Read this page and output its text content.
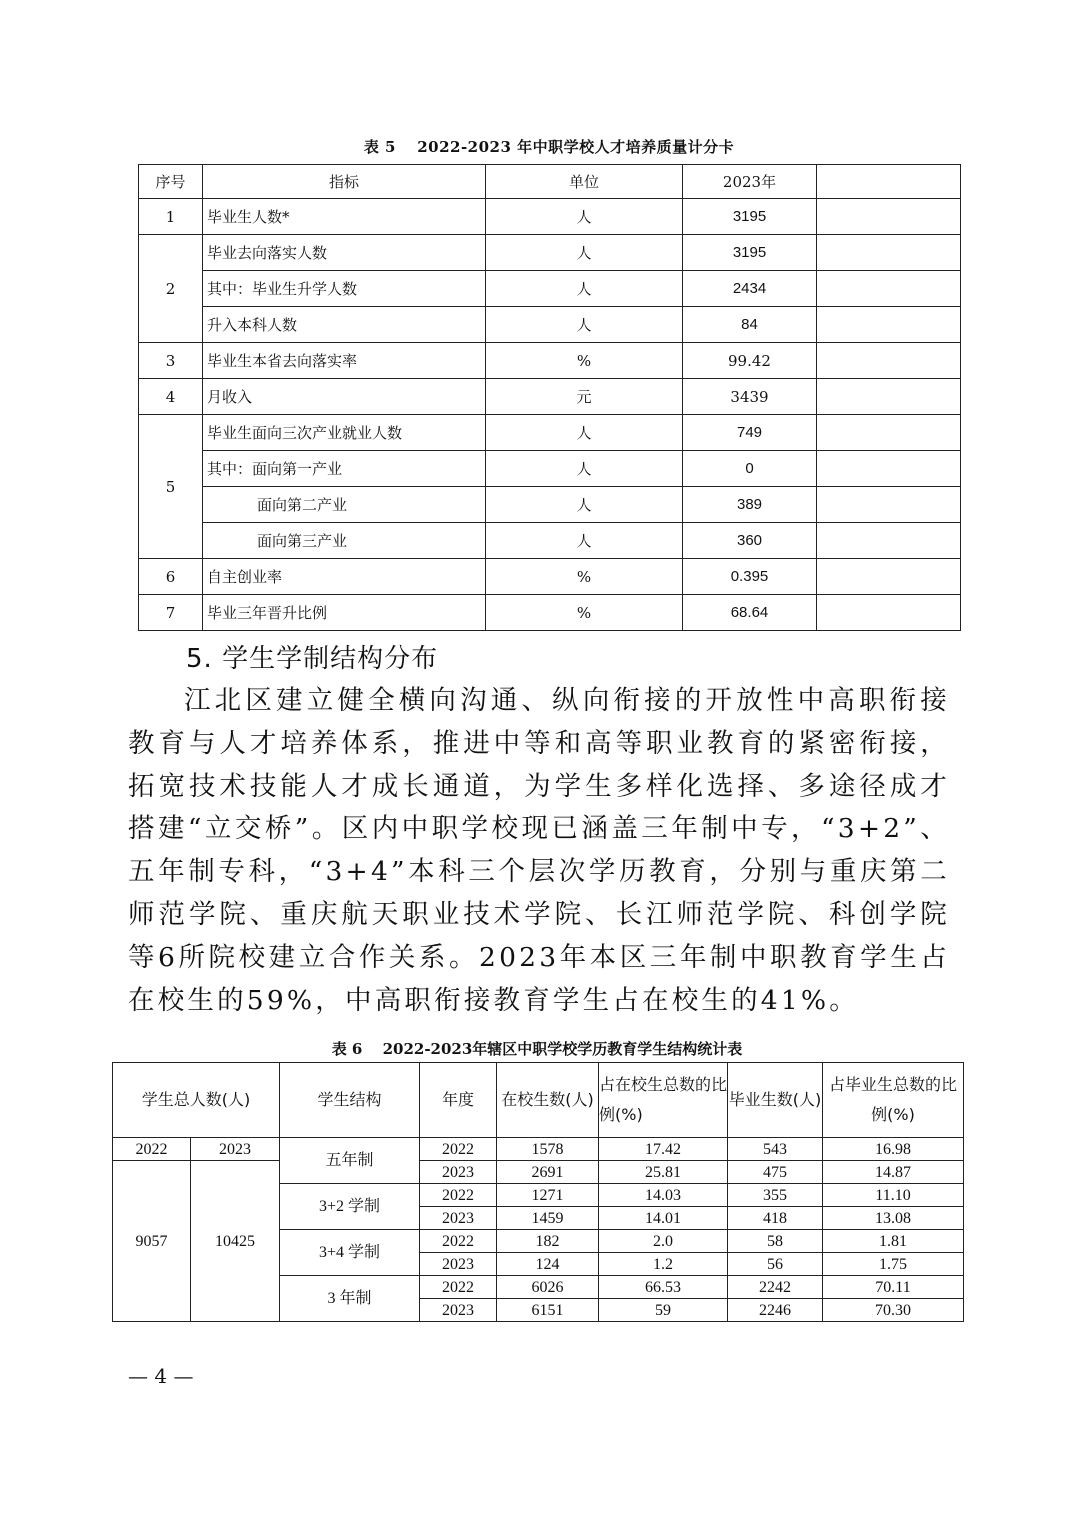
表 5　 2022-2023 年中职学校人才培养质量计分卡
序号	指标	单位	2023年	
1	毕业生人数*	人	3195	
2	毕业去向落实人数	人	3195	
	其中：毕业生升学人数	人	2434	
	升入本科人数	人	84	
3	毕业生本省去向落实率	%	99.42	
4	月收入	元	3439	
5	毕业生面向三次产业就业人数	人	749	
	其中：面向第一产业	人	0	
	面向第二产业	人	389	
	面向第三产业	人	360	
6	自主创业率	%	0.395	
7	毕业三年晋升比例	%	68.64	
5. 学生学制结构分布
江北区建立健全横向沟通、纵向衔接的开放性中高职衔接教育与人才培养体系，推进中等和高等职业教育的紧密衔接，拓宽技术技能人才成长通道，为学生多样化选择、多途径成才搭建“立交桥”。区内中职学校现已涵盖三年制中专，“3+2”、五年制专科，“3+4”本科三个层次学历教育，分别与重庆第二师范学院、重庆航天职业技术学院、长江师范学院、科创学院等6所院校建立合作关系。2023年本区三年制中职教育学生占在校生的59%，中高职衔接教育学生占在校生的41%。
表 6　 2022-2023年辖区中职学校学历教育学生结构统计表
学生总人数(人)		学生结构	年度	在校生数(人)	占在校生总数的比例(%)	毕业生数(人)	占毕业生总数的比例(%)
2022	2023	五年制	2022	1578	17.42	543	16.98
9057	10425		2023	2691	25.81	475	14.87
		3+2 学制	2022	1271	14.03	355	11.10
			2023	1459	14.01	418	13.08
		3+4 学制	2022	182	2.0	58	1.81
			2023	124	1.2	56	1.75
		3 年制	2022	6026	66.53	2242	70.11
			2023	6151	59	2246	70.30
— 4 —
